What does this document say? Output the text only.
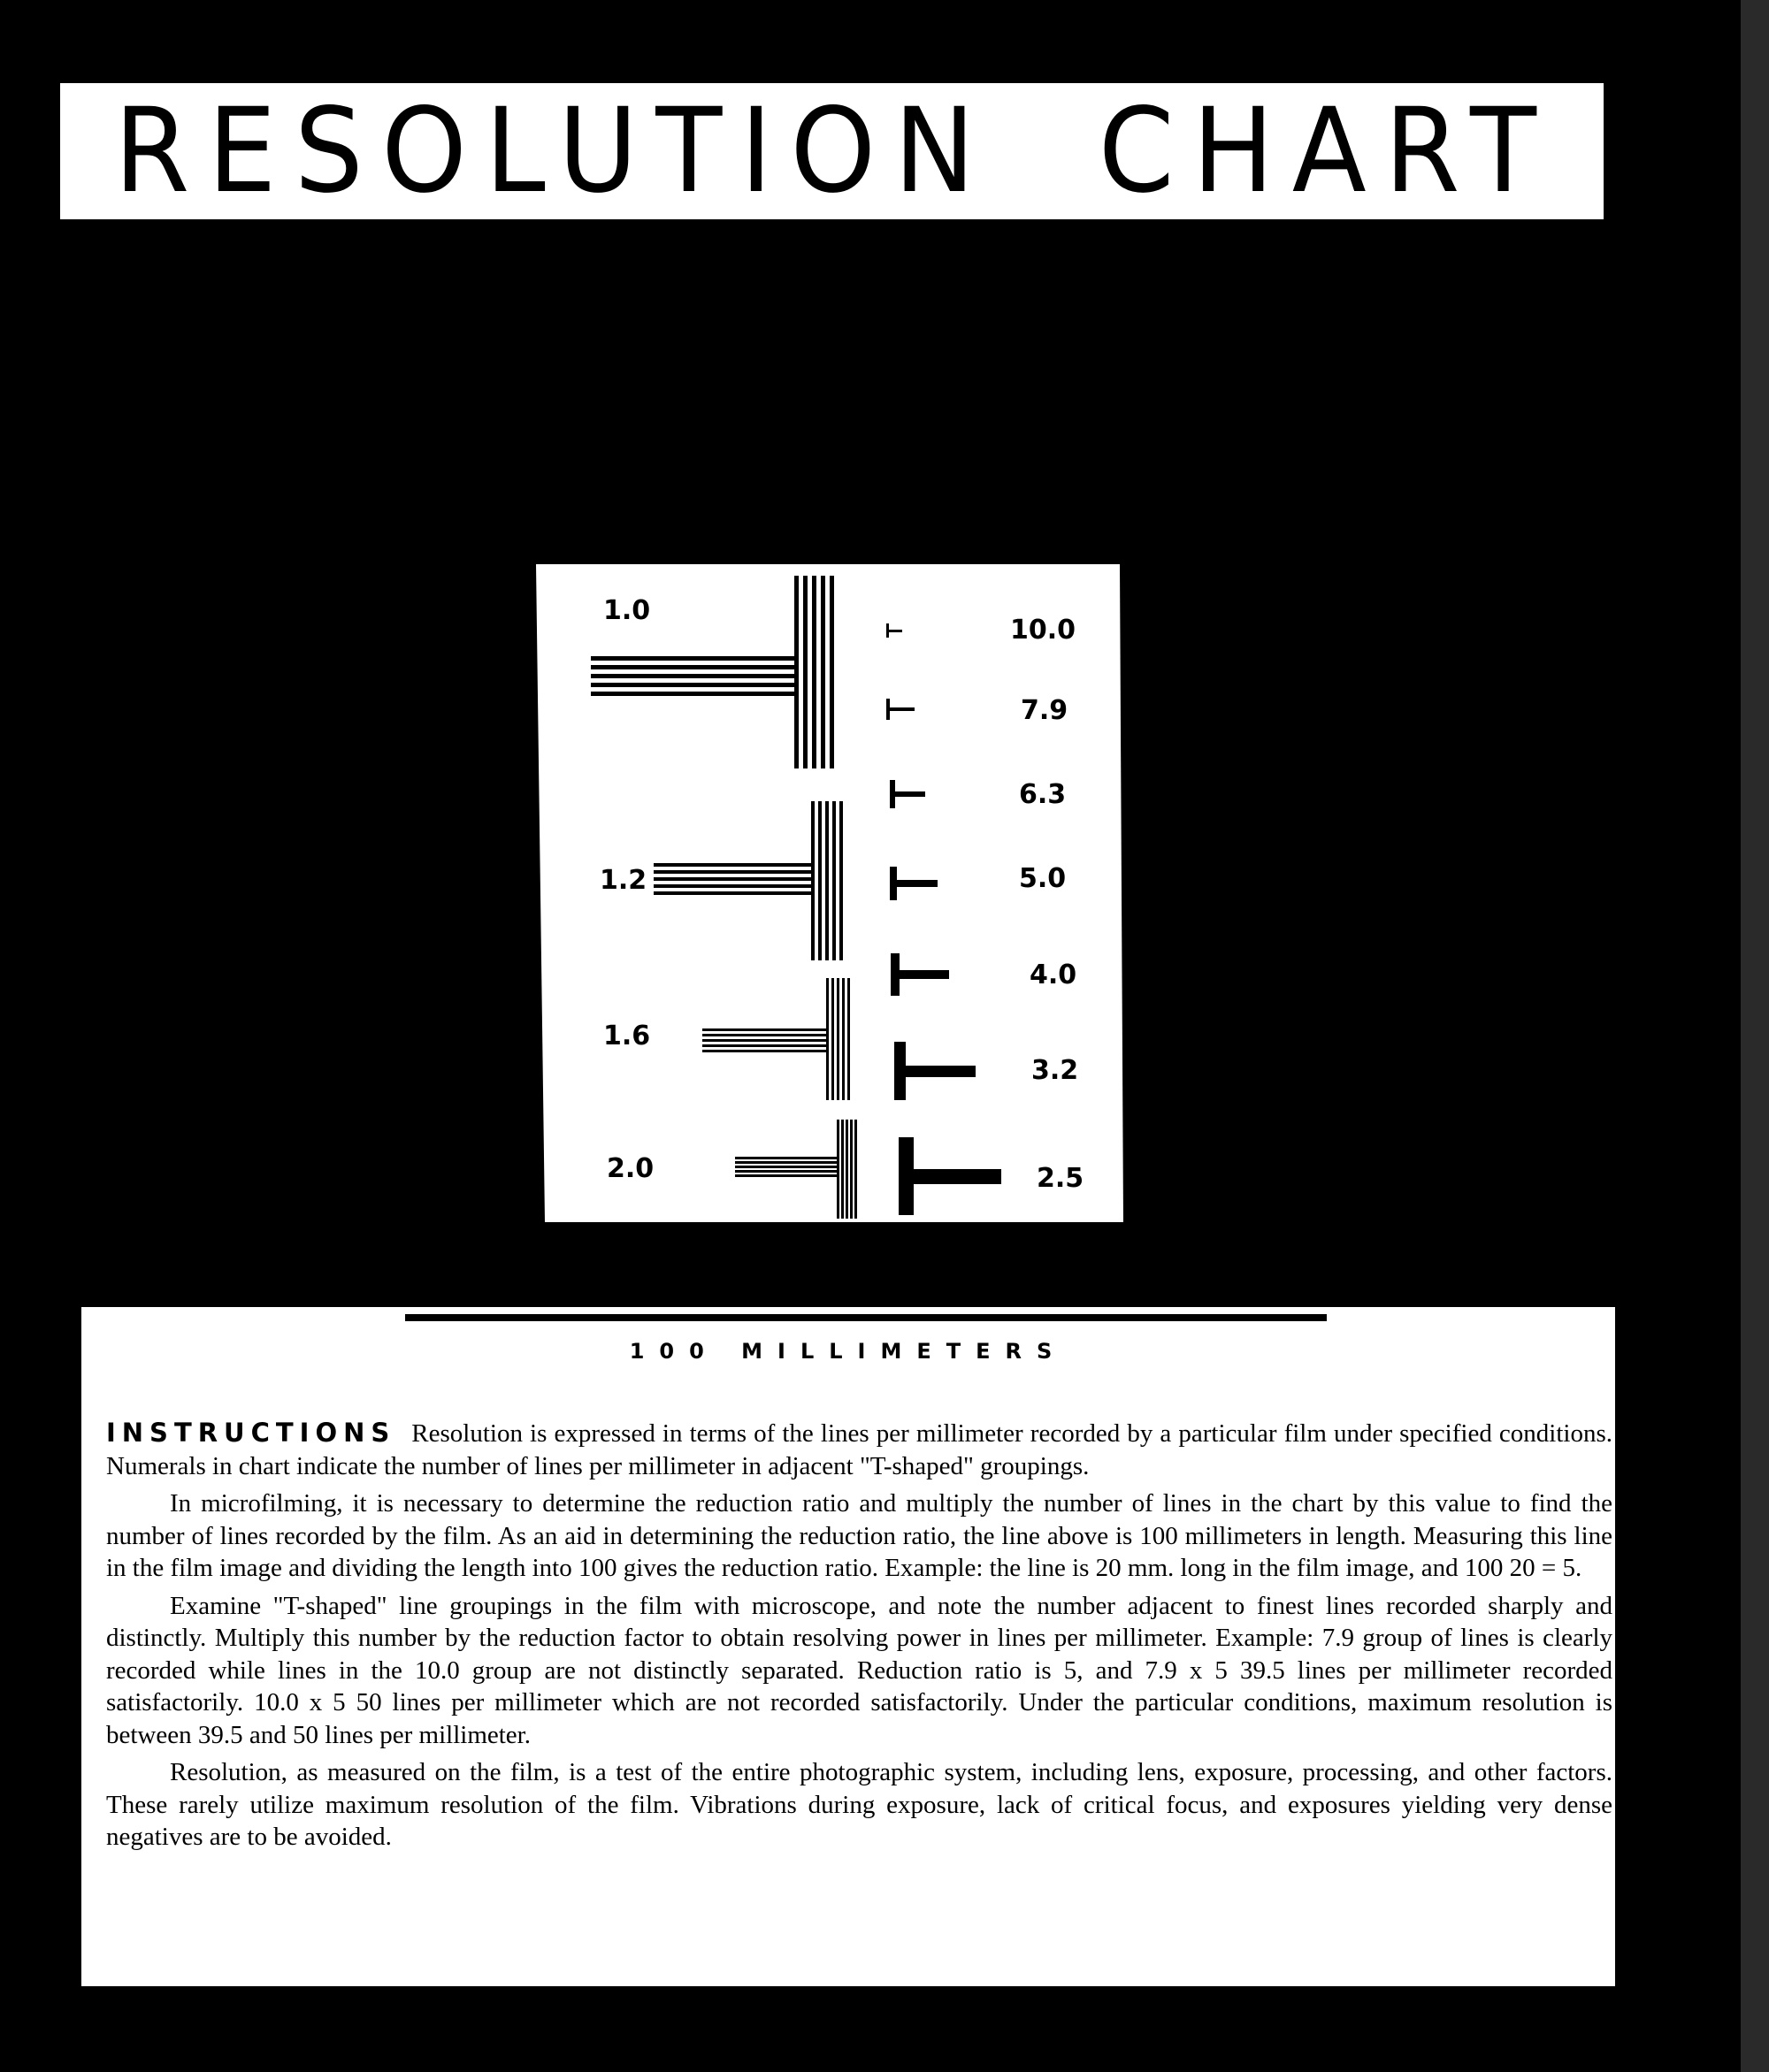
RESOLUTION  CHART
1.0
1.2
1.6
2.0
10.0
7.9
6.3
5.0
4.0
3.2
2.5
100 MILLIMETERS

INSTRUCTIONS Resolution is expressed in terms of the lines per millimeter recorded by a particular film under specified conditions. Numerals in chart indicate the number of lines per millimeter in adjacent "T-shaped" groupings.

In microfilming, it is necessary to determine the reduction ratio and multiply the number of lines in the chart by this value to find the number of lines recorded by the film. As an aid in determining the reduction ratio, the line above is 100 millimeters in length. Measuring this line in the film image and dividing the length into 100 gives the reduction ratio. Example: the line is 20 mm. long in the film image, and 100 20 = 5.

Examine "T-shaped" line groupings in the film with microscope, and note the number adjacent to finest lines recorded sharply and distinctly. Multiply this number by the reduction factor to obtain resolving power in lines per millimeter. Example: 7.9 group of lines is clearly recorded while lines in the 10.0 group are not distinctly separated. Reduction ratio is 5, and 7.9 x 5 39.5 lines per millimeter recorded satisfactorily. 10.0 x 5 50 lines per millimeter which are not recorded satisfactorily. Under the particular conditions, maximum resolution is between 39.5 and 50 lines per millimeter.

Resolution, as measured on the film, is a test of the entire photographic system, including lens, exposure, processing, and other factors. These rarely utilize maximum resolution of the film. Vibrations during exposure, lack of critical focus, and exposures yielding very dense negatives are to be avoided.
